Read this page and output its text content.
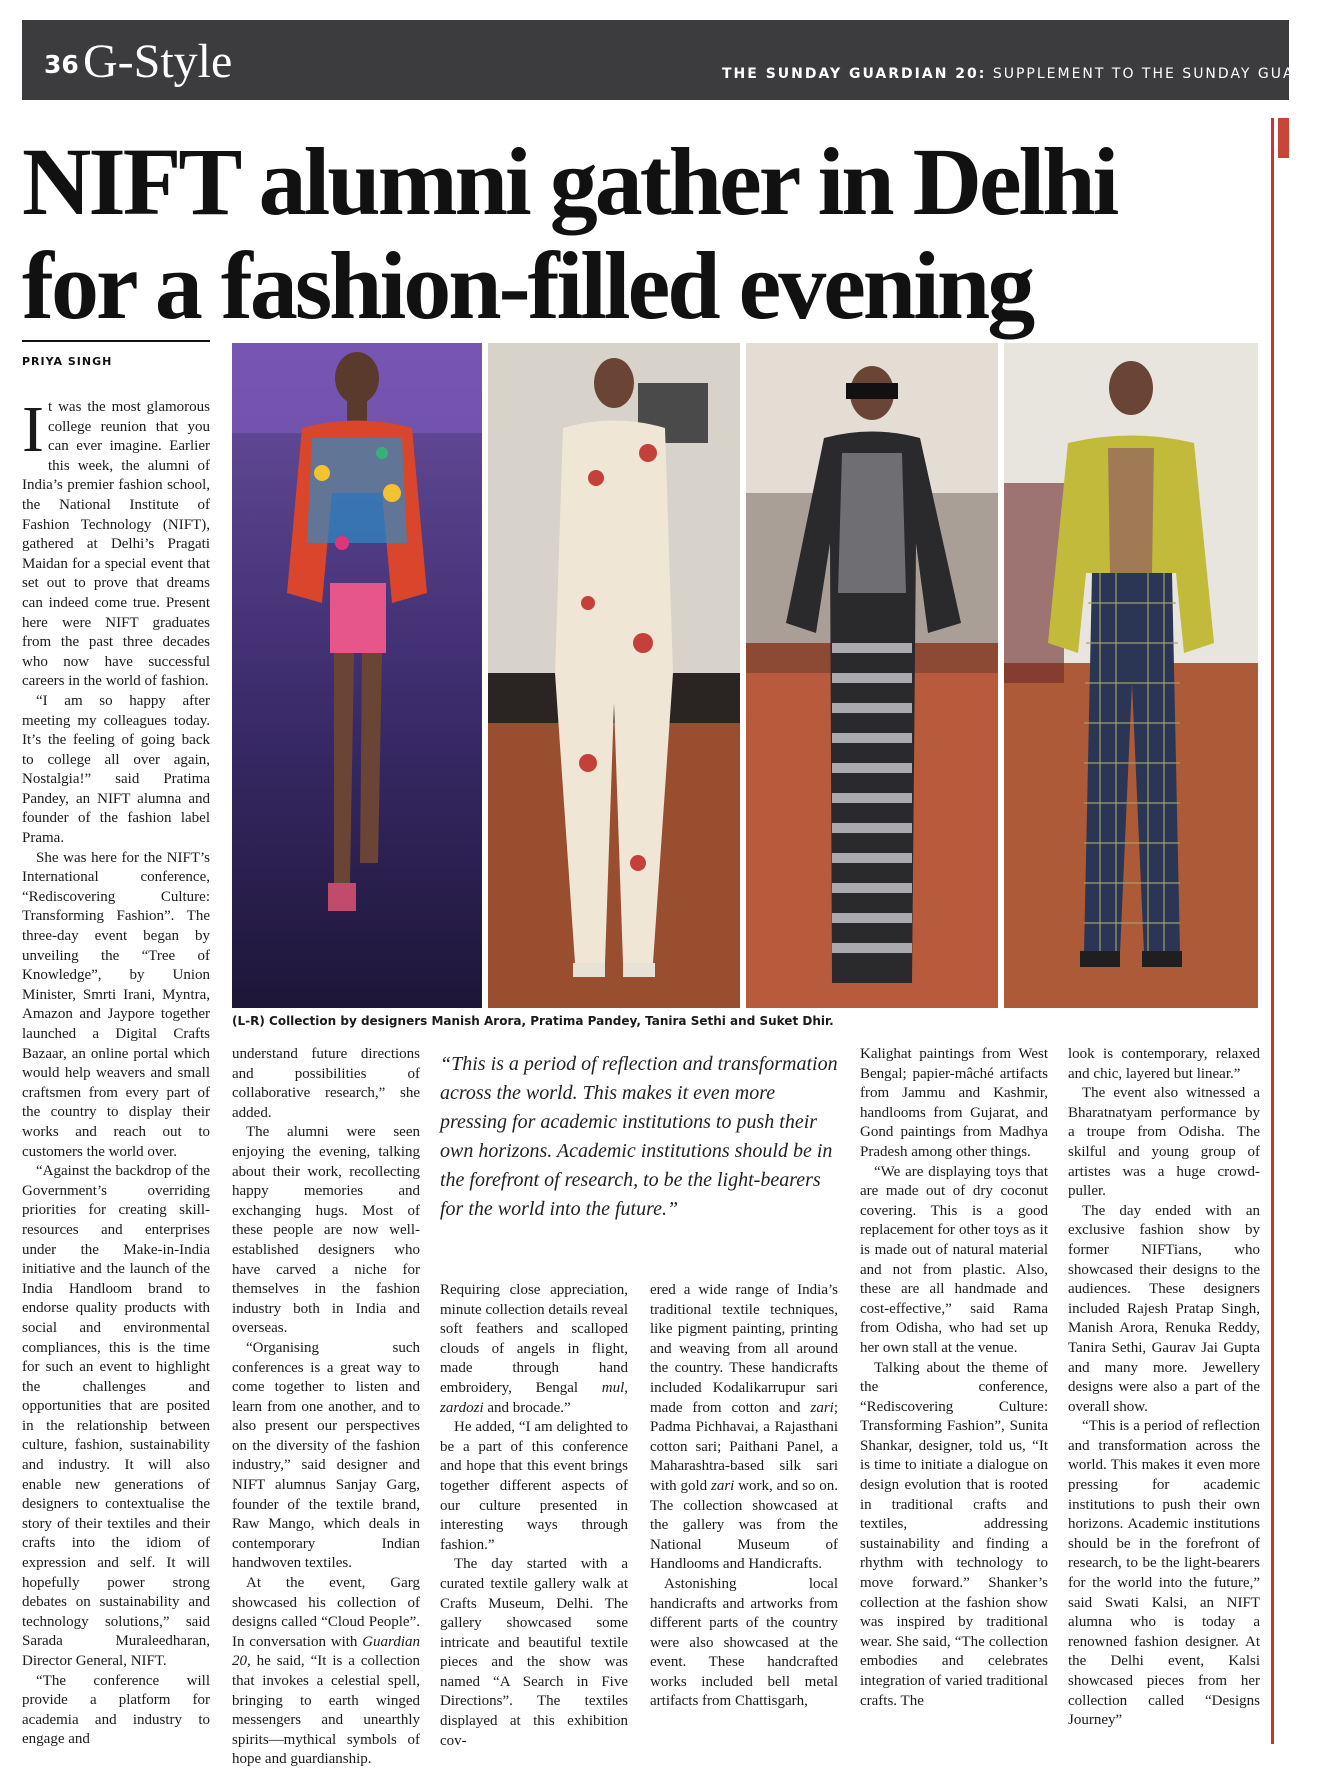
36 G-Style	THE SUNDAY GUARDIAN 20: SUPPLEMENT TO THE SUNDAY GUARD
NIFT alumni gather in Delhi
for a fashion-filled evening
PRIYA SINGH
(L-R) Collection by designers Manish Arora, Pratima Pandey, Tanira Sethi and Suket Dhir.

It was the most glamorous college reunion that you can ever imagine. Earlier this week, the alumni of India’s premier fashion school, the National Institute of Fashion Technology (NIFT), gathered at Delhi’s Pragati Maidan for a special event that set out to prove that dreams can indeed come true. Present here were NIFT graduates from the past three decades who now have successful careers in the world of fashion.

“I am so happy after meeting my colleagues today. It’s the feeling of going back to college all over again, Nostalgia!” said Pratima Pandey, an NIFT alumna and founder of the fashion label Prama.

She was here for the NIFT’s International conference, “Rediscovering Culture: Transforming Fashion”. The three-day event began by unveiling the “Tree of Knowledge”, by Union Minister, Smrti Irani, Myntra, Amazon and Jaypore together launched a Digital Crafts Bazaar, an online portal which would help weavers and small craftsmen from every part of the country to display their works and reach out to customers the world over.

“Against the backdrop of the Government’s overriding priorities for creating skill-resources and enterprises under the Make-in-India initiative and the launch of the India Handloom brand to endorse quality products with social and environmental compliances, this is the time for such an event to highlight the challenges and opportunities that are posited in the relationship between culture, fashion, sustainability and industry. It will also enable new generations of designers to contextualise the story of their textiles and their crafts into the idiom of expression and self. It will hopefully power strong debates on sustainability and technology solutions,” said Sarada Muraleedharan, Director General, NIFT.

“The conference will provide a platform for academia and industry to engage and

understand future directions and possibilities of collaborative research,” she added.

The alumni were seen enjoying the evening, talking about their work, recollecting happy memories and exchanging hugs. Most of these people are now well-established designers who have carved a niche for themselves in the fashion industry both in India and overseas.

“Organising such conferences is a great way to come together to listen and learn from one another, and to also present our perspectives on the diversity of the fashion industry,” said designer and NIFT alumnus Sanjay Garg, founder of the textile brand, Raw Mango, which deals in contemporary Indian handwoven textiles.

At the event, Garg showcased his collection of designs called “Cloud People”. In conversation with Guardian 20, he said, “It is a collection that invokes a celestial spell, bringing to earth winged messengers and unearthly spirits—mythical symbols of hope and guardianship.

“This is a period of reflection and transformation across the world. This makes it even more pressing for academic institutions to push their own horizons. Academic institutions should be in the forefront of research, to be the light-bearers for the world into the future.”

Requiring close appreciation, minute collection details reveal soft feathers and scalloped clouds of angels in flight, made through hand embroidery, Bengal mul, zardozi and brocade.”

He added, “I am delighted to be a part of this conference and hope that this event brings together different aspects of our culture presented in interesting ways through fashion.”

The day started with a curated textile gallery walk at Crafts Museum, Delhi. The gallery showcased some intricate and beautiful textile pieces and the show was named “A Search in Five Directions”. The textiles displayed at this exhibition cov-

ered a wide range of India’s traditional textile techniques, like pigment painting, printing and weaving from all around the country. These handicrafts included Kodalikarrupur sari made from cotton and zari; Padma Pichhavai, a Rajasthani cotton sari; Paithani Panel, a Maharashtra-based silk sari with gold zari work, and so on. The collection showcased at the gallery was from the National Museum of Handlooms and Handicrafts.

Astonishing local handicrafts and artworks from different parts of the country were also showcased at the event. These handcrafted works included bell metal artifacts from Chattisgarh,

Kalighat paintings from West Bengal; papier-mâché artifacts from Jammu and Kashmir, handlooms from Gujarat, and Gond paintings from Madhya Pradesh among other things.

“We are displaying toys that are made out of dry coconut covering. This is a good replacement for other toys as it is made out of natural material and not from plastic. Also, these are all handmade and cost-effective,” said Rama from Odisha, who had set up her own stall at the venue.

Talking about the theme of the conference, “Rediscovering Culture: Transforming Fashion”, Sunita Shankar, designer, told us, “It is time to initiate a dialogue on design evolution that is rooted in traditional crafts and textiles, addressing sustainability and finding a rhythm with technology to move forward.” Shanker’s collection at the fashion show was inspired by traditional wear. She said, “The collection embodies and celebrates integration of varied traditional crafts. The

look is contemporary, relaxed and chic, layered but linear.”

The event also witnessed a Bharatnatyam performance by a troupe from Odisha. The skilful and young group of artistes was a huge crowd-puller.

The day ended with an exclusive fashion show by former NIFTians, who showcased their designs to the audiences. These designers included Rajesh Pratap Singh, Manish Arora, Renuka Reddy, Tanira Sethi, Gaurav Jai Gupta and many more. Jewellery designs were also a part of the overall show.

“This is a period of reflection and transformation across the world. This makes it even more pressing for academic institutions to push their own horizons. Academic institutions should be in the forefront of research, to be the light-bearers for the world into the future,” said Swati Kalsi, an NIFT alumna who is today a renowned fashion designer. At the Delhi event, Kalsi showcased pieces from her collection called “Designs Journey”
